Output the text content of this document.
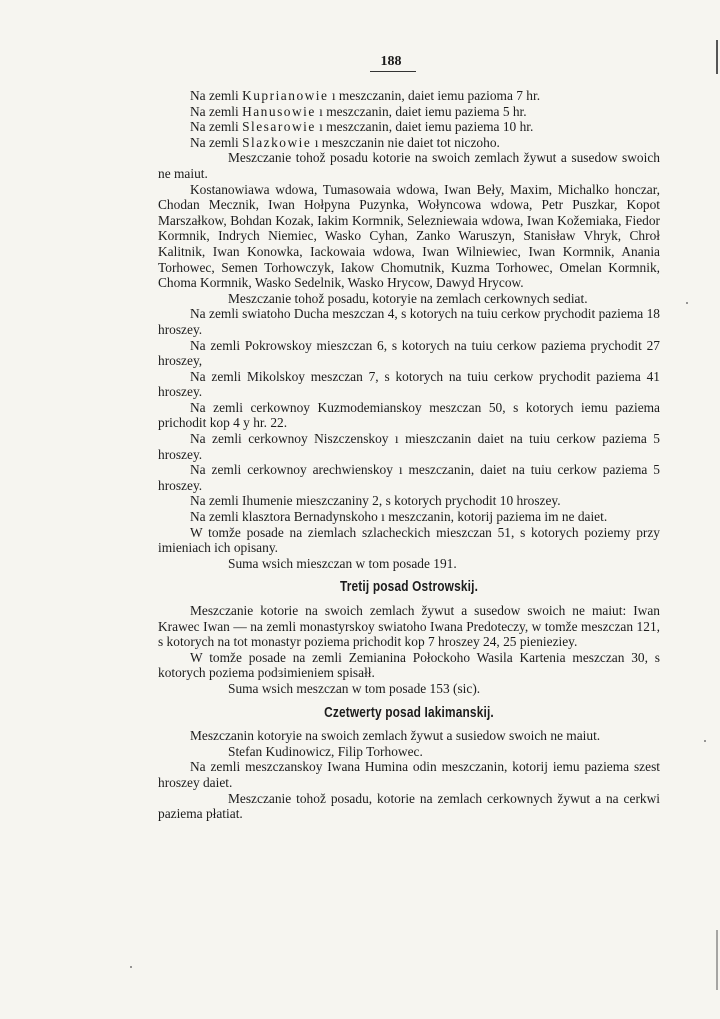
188

Na zemli Kuprianowie ı meszczanin, daiet iemu pazioma 7 hr.

Na zemli Hanusowie ı meszczanin, daiet iemu paziema 5 hr.

Na zemli Slesarowie ı meszczanin, daiet iemu paziema 10 hr.

Na zemli Slazkowie ı meszczanin nie daiet tot niczoho.

Meszczanie tohož posadu kotorie na swoich zemlach žywut a susedow swoich ne maiut.

Kostanowiawa wdowa, Tumasowaia wdowa, Iwan Beły, Maxim, Michalko honczar, Chodan Mecznik, Iwan Hołpyna Puzynka, Wołyncowa wdowa, Petr Puszkar, Kopot Marszałkow, Bohdan Kozak, Iakim Kormnik, Selezniewaia wdowa, Iwan Kožemiaka, Fiedor Kormnik, Indrych Niemiec, Wasko Cyhan, Zanko Waruszyn, Stanisław Vhryk, Chroł Kalitnik, Iwan Konowka, Iackowaia wdowa, Iwan Wilniewiec, Iwan Kormnik, Anania Torhowec, Semen Torhowczyk, Iakow Chomutnik, Kuzma Torhowec, Omelan Kormnik, Choma Kormnik, Wasko Sedelnik, Wasko Hrycow, Dawyd Hrycow.

Meszczanie tohož posadu, kotoryie na zemlach cerkownych sediat.

Na zemli swiatoho Ducha meszczan 4, s kotorych na tuiu cerkow prychodit paziema 18 hroszey.

Na zemli Pokrowskoy mieszczan 6, s kotorych na tuiu cerkow paziema prychodit 27 hroszey,

Na zemli Mikolskoy meszczan 7, s kotorych na tuiu cerkow prychodit paziema 41 hroszey.

Na zemli cerkownoy Kuzmodemianskoy meszczan 50, s kotorych iemu paziema prichodit kop 4 y hr. 22.

Na zemli cerkownoy Niszczenskoy ı mieszczanin daiet na tuiu cerkow paziema 5 hroszey.

Na zemli cerkownoy arechwienskoy ı meszczanin, daiet na tuiu cerkow paziema 5 hroszey.

Na zemli Ihumenie mieszczaniny 2, s kotorych prychodit 10 hroszey.

Na zemli klasztora Bernadynskoho ı meszczanin, kotorij paziema im ne daiet.

W tomže posade na ziemlach szlacheckich mieszczan 51, s kotorych poziemy przy imieniach ich opisany.

Suma wsich mieszczan w tom posade 191.

Tretij posad Ostrowskij.

Meszczanie kotorie na swoich zemlach žywut a susedow swoich ne maiut: Iwan Krawec Iwan — na zemli monastyrskoy swiatoho Iwana Predoteczy, w tomže meszczan 121, s kotorych na tot monastyr poziema prichodit kop 7 hroszey 24, 25 pienieziey.

W tomže posade na zemli Zemianina Połockoho Wasila Kartenia meszczan 30, s kotorych poziema podɜimieniem spisałł.

Suma wsich meszczan w tom posade 153 (sic).

Czetwerty posad Iakimanskij.

Meszczanin kotoryie na swoich zemlach žywut a susiedow swoich ne maiut.

Stefan Kudinowicz, Filip Torhowec.

Na zemli meszczanskoy Iwana Humina odin meszczanin, kotorij iemu paziema szest hroszey daiet.

Meszczanie tohož posadu, kotorie na zemlach cerkownych žywut a na cerkwi paziema płatiat.
